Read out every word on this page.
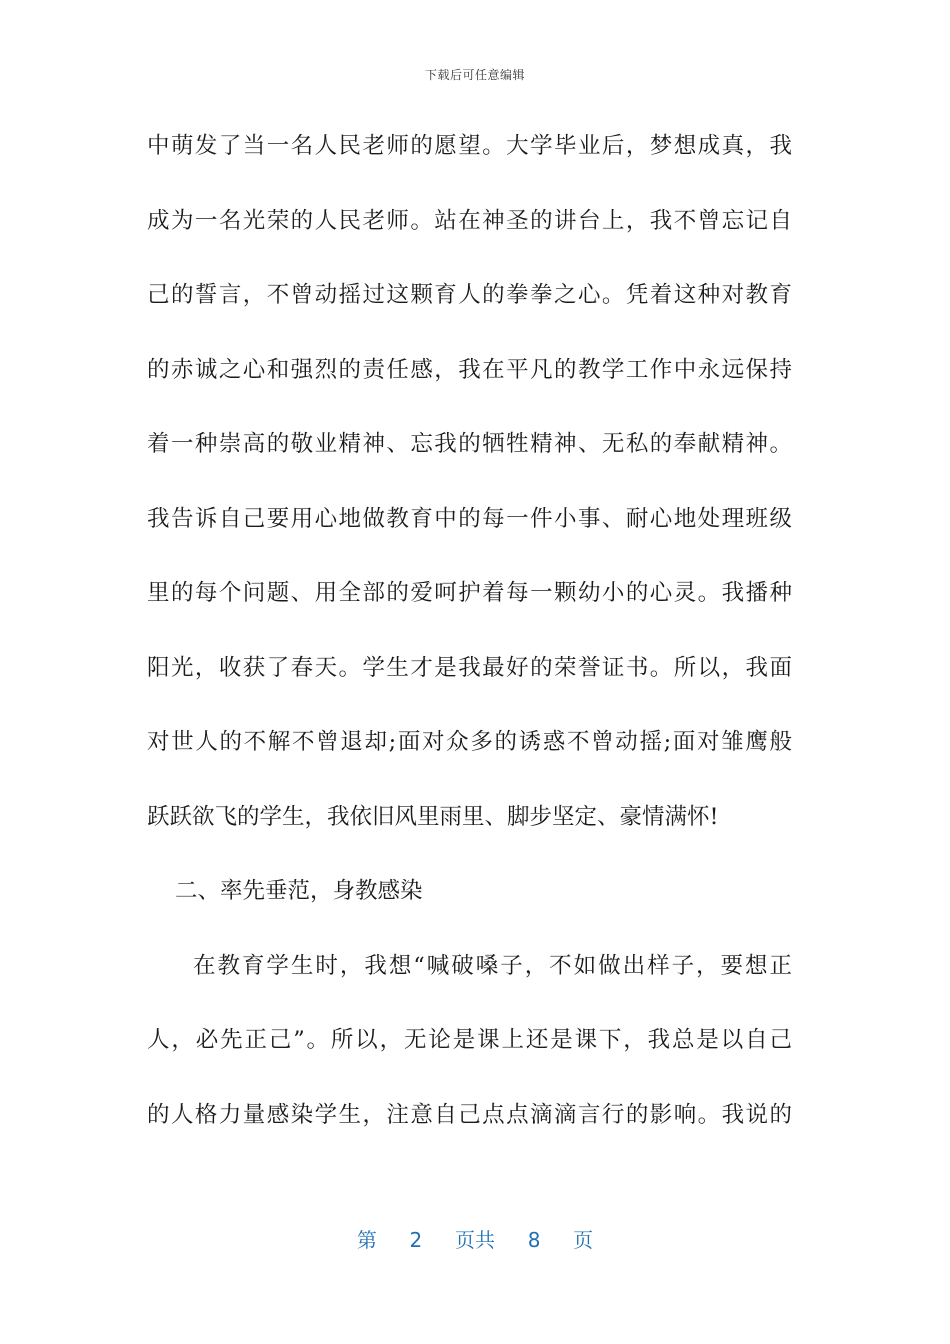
下载后可任意编辑
中萌发了当一名人民老师的愿望。大学毕业后，梦想成真，我
成为一名光荣的人民老师。站在神圣的讲台上，我不曾忘记自
己的誓言，不曾动摇过这颗育人的拳拳之心。凭着这种对教育
的赤诚之心和强烈的责任感，我在平凡的教学工作中永远保持
着一种崇高的敬业精神、忘我的牺牲精神、无私的奉献精神。
我告诉自己要用心地做教育中的每一件小事、耐心地处理班级
里的每个问题、用全部的爱呵护着每一颗幼小的心灵。我播种
阳光，收获了春天。学生才是我最好的荣誉证书。所以，我面
对世人的不解不曾退却;面对众多的诱惑不曾动摇;面对雏鹰般
跃跃欲飞的学生，我依旧风里雨里、脚步坚定、豪情满怀!
二、率先垂范，身教感染
在教育学生时，我想“喊破嗓子，不如做出样子，要想正
人，必先正己”。所以，无论是课上还是课下，我总是以自己
的人格力量感染学生，注意自己点点滴滴言行的影响。我说的
第 2 页共 8 页
